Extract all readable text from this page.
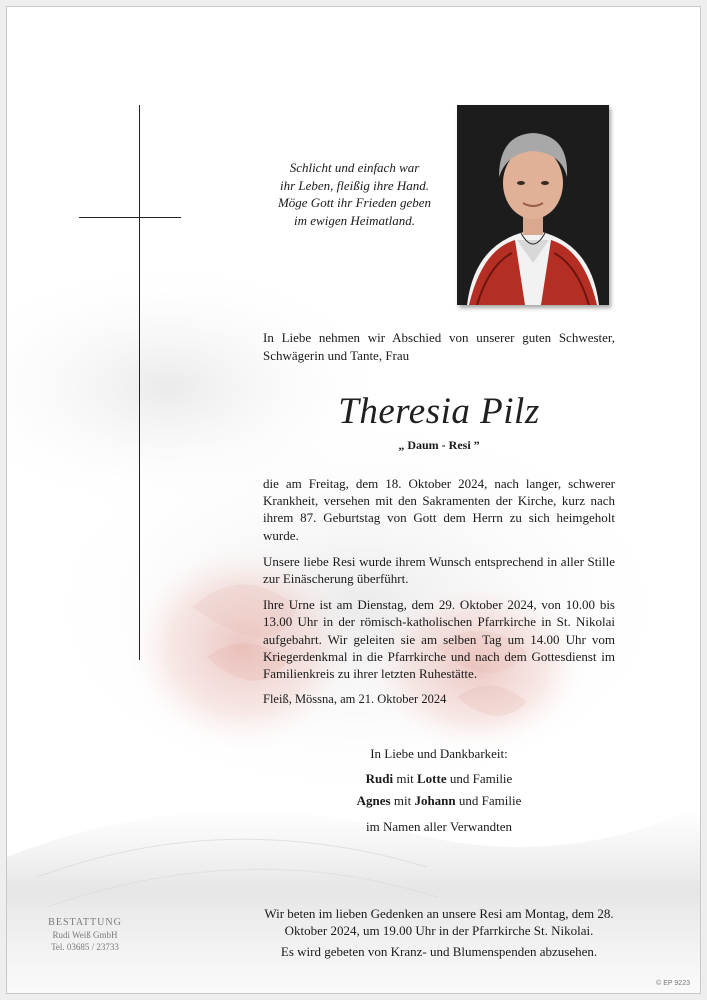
Schlicht und einfach war
ihr Leben, fleißig ihre Hand.
Möge Gott ihr Frieden geben
im ewigen Heimatland.
In Liebe nehmen wir Abschied von unserer guten Schwester, Schwägerin und Tante, Frau
Theresia Pilz
„ Daum - Resi ”

die am Freitag, dem 18. Oktober 2024, nach langer, schwerer Krankheit, versehen mit den Sakramenten der Kirche, kurz nach ihrem 87. Geburtstag von Gott dem Herrn zu sich heimgeholt wurde.

Unsere liebe Resi wurde ihrem Wunsch entsprechend in aller Stille zur Einäscherung überführt.

Ihre Urne ist am Dienstag, dem 29. Oktober 2024, von 10.00 bis 13.00 Uhr in der römisch-katholischen Pfarrkirche in St. Nikolai aufgebahrt. Wir geleiten sie am selben Tag um 14.00 Uhr vom Kriegerdenkmal in die Pfarrkirche und nach dem Gottesdienst im Familienkreis zu ihrer letzten Ruhestätte.

Fleiß, Mössna, am 21. Oktober 2024

In Liebe und Dankbarkeit:
Rudi mit Lotte und Familie
Agnes mit Johann und Familie
im Namen aller Verwandten
Wir beten im lieben Gedenken an unsere Resi am Montag, dem 28. Oktober 2024, um 19.00 Uhr in der Pfarrkirche St. Nikolai.
Es wird gebeten von Kranz- und Blumenspenden abzusehen.
BESTATTUNG
Rudi Weiß GmbH
Tel. 03685 / 23733
© EP 9223
